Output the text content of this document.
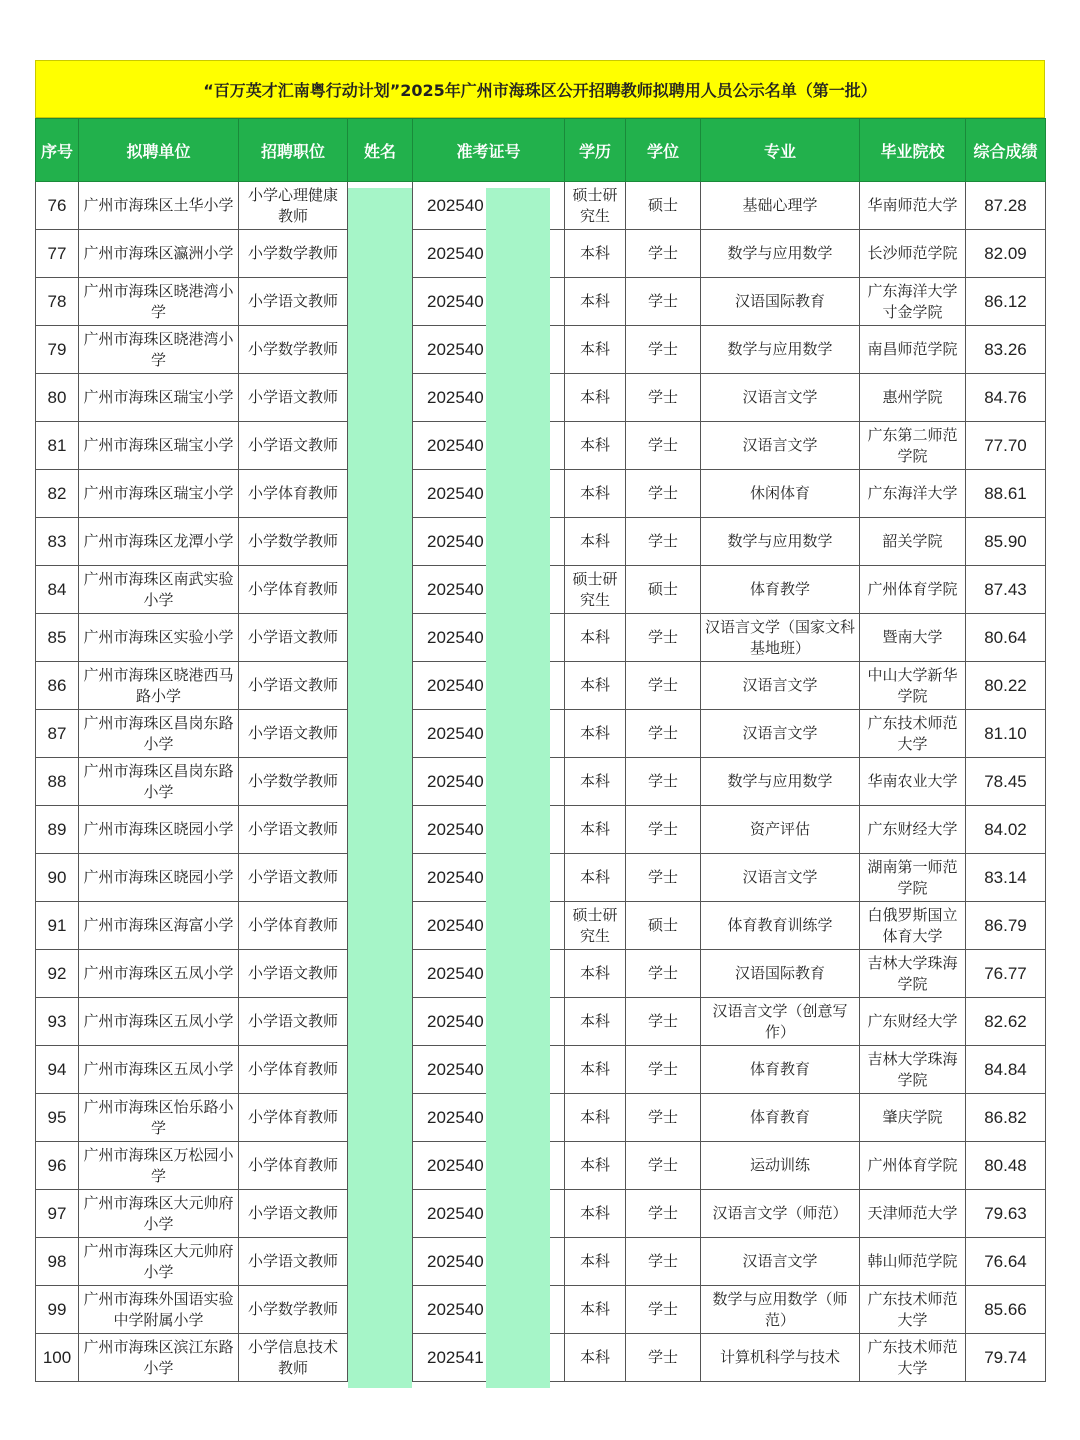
“百万英才汇南粤行动计划”2025年广州市海珠区公开招聘教师拟聘用人员公示名单（第一批）
序号	拟聘单位	招聘职位	姓名	准考证号	学历	学位	专业	毕业院校	综合成绩
76	广州市海珠区土华小学	小学心理健康教师		202540	硕士研究生	硕士	基础心理学	华南师范大学	87.28
77	广州市海珠区瀛洲小学	小学数学教师		202540	本科	学士	数学与应用数学	长沙师范学院	82.09
78	广州市海珠区晓港湾小学	小学语文教师		202540	本科	学士	汉语国际教育	广东海洋大学寸金学院	86.12
79	广州市海珠区晓港湾小学	小学数学教师		202540	本科	学士	数学与应用数学	南昌师范学院	83.26
80	广州市海珠区瑞宝小学	小学语文教师		202540	本科	学士	汉语言文学	惠州学院	84.76
81	广州市海珠区瑞宝小学	小学语文教师		202540	本科	学士	汉语言文学	广东第二师范学院	77.70
82	广州市海珠区瑞宝小学	小学体育教师		202540	本科	学士	休闲体育	广东海洋大学	88.61
83	广州市海珠区龙潭小学	小学数学教师		202540	本科	学士	数学与应用数学	韶关学院	85.90
84	广州市海珠区南武实验小学	小学体育教师		202540	硕士研究生	硕士	体育教学	广州体育学院	87.43
85	广州市海珠区实验小学	小学语文教师		202540	本科	学士	汉语言文学（国家文科基地班）	暨南大学	80.64
86	广州市海珠区晓港西马路小学	小学语文教师		202540	本科	学士	汉语言文学	中山大学新华学院	80.22
87	广州市海珠区昌岗东路小学	小学语文教师		202540	本科	学士	汉语言文学	广东技术师范大学	81.10
88	广州市海珠区昌岗东路小学	小学数学教师		202540	本科	学士	数学与应用数学	华南农业大学	78.45
89	广州市海珠区晓园小学	小学语文教师		202540	本科	学士	资产评估	广东财经大学	84.02
90	广州市海珠区晓园小学	小学语文教师		202540	本科	学士	汉语言文学	湖南第一师范学院	83.14
91	广州市海珠区海富小学	小学体育教师		202540	硕士研究生	硕士	体育教育训练学	白俄罗斯国立体育大学	86.79
92	广州市海珠区五凤小学	小学语文教师		202540	本科	学士	汉语国际教育	吉林大学珠海学院	76.77
93	广州市海珠区五凤小学	小学语文教师		202540	本科	学士	汉语言文学（创意写作）	广东财经大学	82.62
94	广州市海珠区五凤小学	小学体育教师		202540	本科	学士	体育教育	吉林大学珠海学院	84.84
95	广州市海珠区怡乐路小学	小学体育教师		202540	本科	学士	体育教育	肇庆学院	86.82
96	广州市海珠区万松园小学	小学体育教师		202540	本科	学士	运动训练	广州体育学院	80.48
97	广州市海珠区大元帅府小学	小学语文教师		202540	本科	学士	汉语言文学（师范）	天津师范大学	79.63
98	广州市海珠区大元帅府小学	小学语文教师		202540	本科	学士	汉语言文学	韩山师范学院	76.64
99	广州市海珠外国语实验中学附属小学	小学数学教师		202540	本科	学士	数学与应用数学（师范）	广东技术师范大学	85.66
100	广州市海珠区滨江东路小学	小学信息技术教师		202541	本科	学士	计算机科学与技术	广东技术师范大学	79.74
